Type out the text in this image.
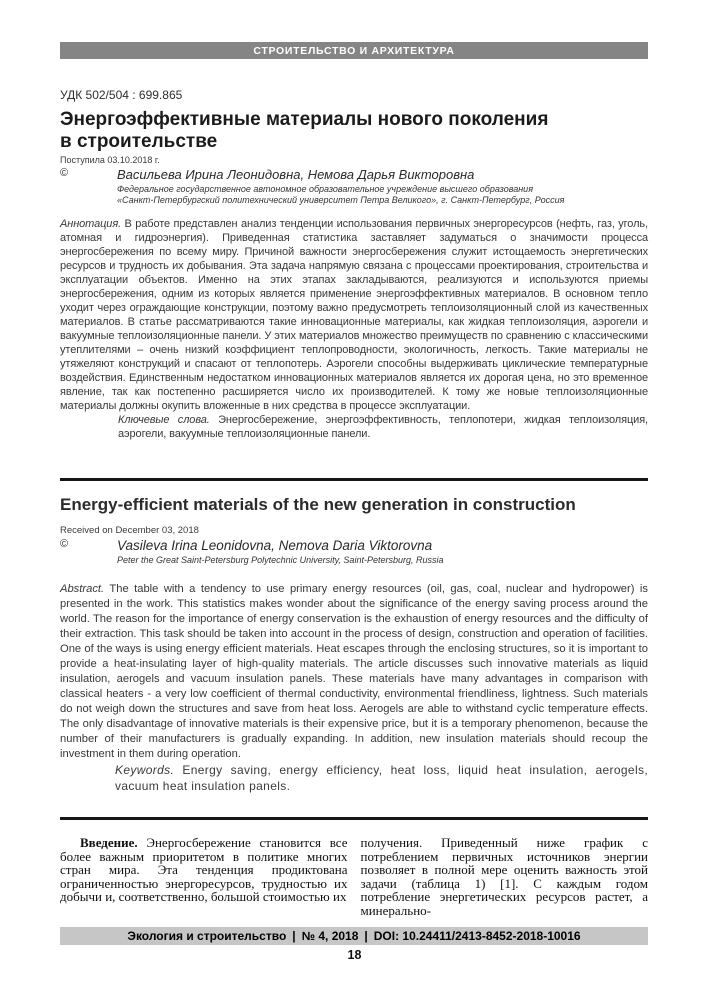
СТРОИТЕЛЬСТВО И АРХИТЕКТУРА

УДК 502/504 : 699.865

Энергоэффективные материалы нового поколения
в строительстве

Поступила 03.10.2018 г.

©	Васильева Ирина Леонидовна, Немова Дарья Викторовна

Федеральное государственное автономное образовательное учреждение высшего образования
«Санкт-Петербургский политехнический университет Петра Великого», г. Санкт-Петербург, Россия

Аннотация. В работе представлен анализ тенденции использования первичных энергоресурсов (нефть, газ, уголь, атомная и гидроэнергия). Приведенная статистика заставляет задуматься о значимости процесса энергосбережения по всему миру. Причиной важности энергосбережения служит истощаемость энергетических ресурсов и трудность их добывания. Эта задача напрямую связана с процессами проектирования, строительства и эксплуатации объектов. Именно на этих этапах закладываются, реализуются и используются приемы энергосбережения, одним из которых является применение энергоэффективных материалов. В основном тепло уходит через ограждающие конструкции, поэтому важно предусмотреть теплоизоляционный слой из качественных материалов. В статье рассматриваются такие инновационные материалы, как жидкая теплоизоляция, аэрогели и вакуумные теплоизоляционные панели. У этих материалов множество преимуществ по сравнению с классическими утеплителями – очень низкий коэффициент теплопроводности, экологичность, легкость. Такие материалы не утяжеляют конструкций и спасают от теплопотерь. Аэрогели способны выдерживать циклические температурные воздействия. Единственным недостатком инновационных материалов является их дорогая цена, но это временное явление, так как постепенно расширяется число их производителей. К тому же новые теплоизоляционные материалы должны окупить вложенные в них средства в процессе эксплуатации.

Ключевые слова. Энергосбережение, энергоэффективность, теплопотери, жидкая теплоизоляция, аэрогели, вакуумные теплоизоляционные панели.

Energy-efficient materials of the new generation in construction

Received on December 03, 2018

©	Vasileva Irina Leonidovna, Nemova Daria Viktorovna

Peter the Great Saint-Petersburg Polytechnic University, Saint-Petersburg, Russia

Abstract. The table with a tendency to use primary energy resources (oil, gas, coal, nuclear and hydropower) is presented in the work. This statistics makes wonder about the significance of the energy saving process around the world. The reason for the importance of energy conservation is the exhaustion of energy resources and the difficulty of their extraction. This task should be taken into account in the process of design, construction and operation of facilities. One of the ways is using energy efficient materials. Heat escapes through the enclosing structures, so it is important to provide a heat-insulating layer of high-quality materials. The article discusses such innovative materials as liquid insulation, aerogels and vacuum insulation panels. These materials have many advantages in comparison with classical heaters - a very low coefficient of thermal conductivity, environmental friendliness, lightness. Such materials do not weigh down the structures and save from heat loss. Aerogels are able to withstand cyclic temperature effects. The only disadvantage of innovative materials is their expensive price, but it is a temporary phenomenon, because the number of their manufacturers is gradually expanding. In addition, new insulation materials should recoup the investment in them during operation.

Keywords. Energy saving, energy efficiency, heat loss, liquid heat insulation, aerogels, vacuum heat insulation panels.

Введение. Энергосбережение становится все более важным приоритетом в политике многих стран мира. Эта тенденция продиктована ограниченностью энергоресурсов, трудностью их добычи и, соответственно, большой стоимостью их

получения. Приведенный ниже график с потреблением первичных источников энергии позволяет в полной мере оценить важность этой задачи (таблица 1) [1]. С каждым годом потребление энергетических ресурсов растет, а минерально-

Экология и строительство | № 4, 2018 | DOI: 10.24411/2413-8452-2018-10016
18
